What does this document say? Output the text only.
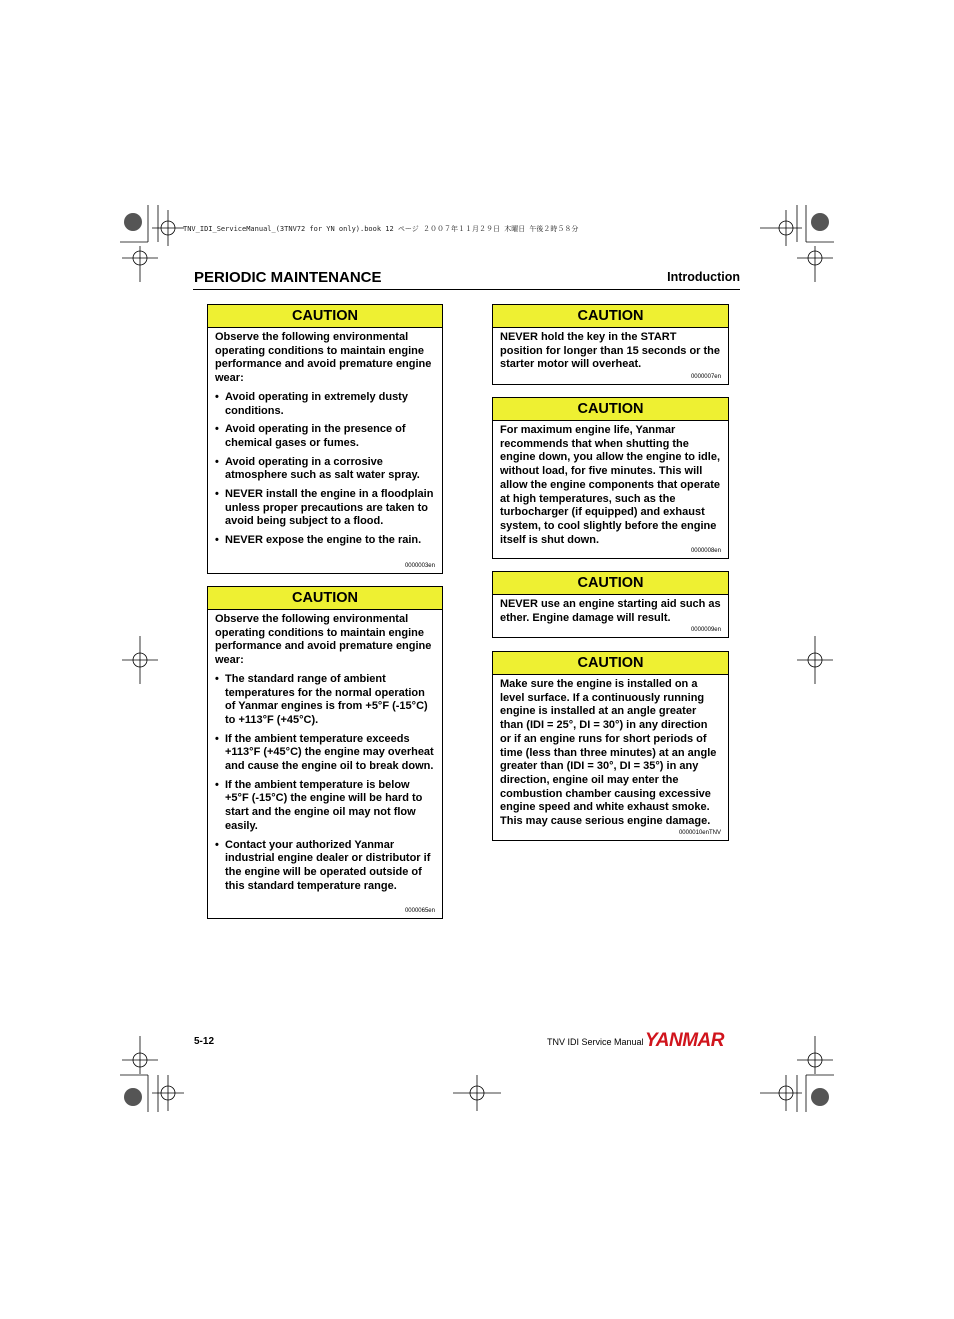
TNV_IDI_ServiceManual_(3TNV72 for YN only).book 12 ページ ２００７年１１月２９日 木曜日 午後２時５８分
PERIODIC MAINTENANCE	Introduction
CAUTION

Observe the following environmental operating conditions to maintain engine performance and avoid premature engine wear:

• Avoid operating in extremely dusty conditions.
• Avoid operating in the presence of chemical gases or fumes.
• Avoid operating in a corrosive atmosphere such as salt water spray.
• NEVER install the engine in a floodplain unless proper precautions are taken to avoid being subject to a flood.
• NEVER expose the engine to the rain.
0000003en
CAUTION

Observe the following environmental operating conditions to maintain engine performance and avoid premature engine wear:

• The standard range of ambient temperatures for the normal operation of Yanmar engines is from +5°F (-15°C) to +113°F (+45°C).
• If the ambient temperature exceeds +113°F (+45°C) the engine may overheat and cause the engine oil to break down.
• If the ambient temperature is below +5°F (-15°C) the engine will be hard to start and the engine oil may not flow easily.
• Contact your authorized Yanmar industrial engine dealer or distributor if the engine will be operated outside of this standard temperature range.
0000065en
CAUTION

NEVER hold the key in the START position for longer than 15 seconds or the starter motor will overheat.

0000007en
CAUTION

For maximum engine life, Yanmar recommends that when shutting the engine down, you allow the engine to idle, without load, for five minutes. This will allow the engine components that operate at high temperatures, such as the turbocharger (if equipped) and exhaust system, to cool slightly before the engine itself is shut down.

0000008en
CAUTION

NEVER use an engine starting aid such as ether. Engine damage will result.

0000009en
CAUTION

Make sure the engine is installed on a level surface. If a continuously running engine is installed at an angle greater than (IDI = 25°, DI = 30°) in any direction or if an engine runs for short periods of time (less than three minutes) at an angle greater than (IDI = 30°, DI = 35°) in any direction, engine oil may enter the combustion chamber causing excessive engine speed and white exhaust smoke. This may cause serious engine damage.

0000010enTNV
5-12	TNV IDI Service Manual YANMAR
